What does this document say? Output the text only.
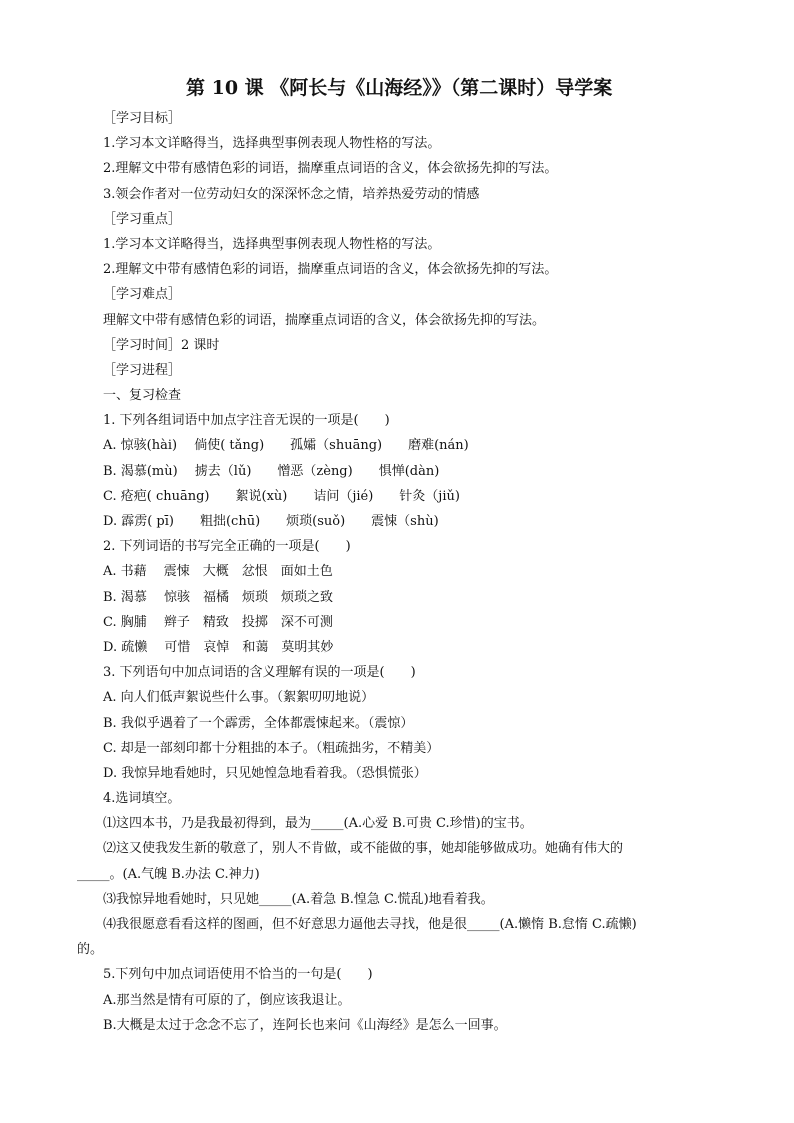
第 10 课 《阿长与《山海经》》（第二课时）导学案
［学习目标］
1.学习本文详略得当，选择典型事例表现人物性格的写法。
2.理解文中带有感情色彩的词语，揣摩重点词语的含义，体会欲扬先抑的写法。
3.领会作者对一位劳动妇女的深深怀念之情，培养热爱劳动的情感
［学习重点］
1.学习本文详略得当，选择典型事例表现人物性格的写法。
2.理解文中带有感情色彩的词语，揣摩重点词语的含义，体会欲扬先抑的写法。
［学习难点］
理解文中带有感情色彩的词语，揣摩重点词语的含义，体会欲扬先抑的写法。
［学习时间］2 课时
［学习进程］
一、复习检查
1. 下列各组词语中加点字注音无误的一项是(　　)
A. 惊骇(hài)　 倘使( tǎng)　　孤孀（shuāng)　　磨难(nán)
B. 渴慕(mù)　 掳去（lǔ)　　憎恶（zèng)　　惧惮(dàn)
C. 疮疤( chuāng)　　絮说(xù)　　诘问（jié)　　针灸（jiǔ)
D. 霹雳( pī)　　粗拙(chū)　　烦琐(suǒ)　　震悚（shù)
2. 下列词语的书写完全正确的一项是(　　)
A. 书藉　 震悚　大概　忿恨　面如土色
B. 渴慕　 惊骇　福橘　烦琐　烦琐之致
C. 胸脯　 辫子　精致　投掷　深不可测
D. 疏懒　 可惜　哀悼　和蔼　莫明其妙
3. 下列语句中加点词语的含义理解有误的一项是(　　)
A. 向人们低声絮说些什么事。（絮絮叨叨地说）
B. 我似乎遇着了一个霹雳，全体都震悚起来。（震惊）
C. 却是一部刻印都十分粗拙的本子。（粗疏拙劣，不精美）
D. 我惊异地看她时，只见她惶急地看着我。（恐惧慌张）
4.选词填空。
⑴这四本书，乃是我最初得到，最为_____(A.心爱 B.可贵 C.珍惜)的宝书。
⑵这又使我发生新的敬意了，别人不肯做，或不能做的事，她却能够做成功。她确有伟大的
_____。(A.气魄 B.办法 C.神力)
⑶我惊异地看她时，只见她_____(A.着急 B.惶急 C.慌乱)地看着我。
⑷我很愿意看看这样的图画，但不好意思力逼他去寻找，他是很_____(A.懒惰 B.怠惰 C.疏懒)
的。
5.下列句中加点词语使用不恰当的一句是(　　)
A.那当然是情有可原的了，倒应该我退让。
B.大概是太过于念念不忘了，连阿长也来问《山海经》是怎么一回事。
